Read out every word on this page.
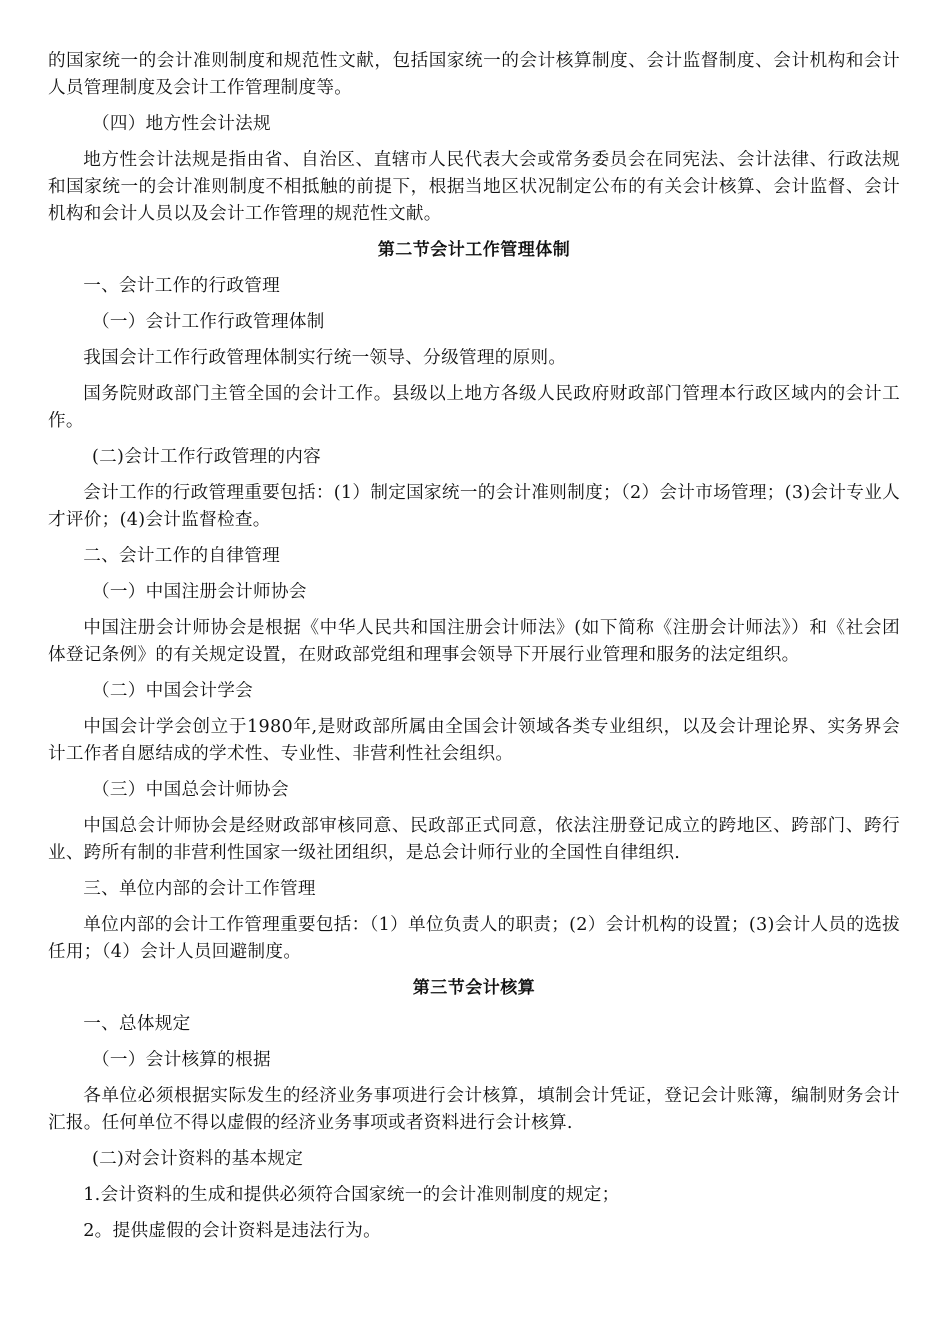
的国家统一的会计准则制度和规范性文献，包括国家统一的会计核算制度、会计监督制度、会计机构和会计人员管理制度及会计工作管理制度等。

（四）地方性会计法规

地方性会计法规是指由省、自治区、直辖市人民代表大会或常务委员会在同宪法、会计法律、行政法规和国家统一的会计准则制度不相抵触的前提下，根据当地区状况制定公布的有关会计核算、会计监督、会计机构和会计人员以及会计工作管理的规范性文献。

第二节会计工作管理体制

一、会计工作的行政管理

（一）会计工作行政管理体制

我国会计工作行政管理体制实行统一领导、分级管理的原则。

国务院财政部门主管全国的会计工作。县级以上地方各级人民政府财政部门管理本行政区域内的会计工作。

(二)会计工作行政管理的内容

会计工作的行政管理重要包括：(1）制定国家统一的会计准则制度；（2）会计市场管理；(3)会计专业人才评价；(4)会计监督检查。

二、会计工作的自律管理

（一）中国注册会计师协会

中国注册会计师协会是根据《中华人民共和国注册会计师法》(如下简称《注册会计师法》）和《社会团体登记条例》的有关规定设置，在财政部党组和理事会领导下开展行业管理和服务的法定组织。

（二）中国会计学会

中国会计学会创立于1980年,是财政部所属由全国会计领域各类专业组织，以及会计理论界、实务界会计工作者自愿结成的学术性、专业性、非营利性社会组织。

（三）中国总会计师协会

中国总会计师协会是经财政部审核同意、民政部正式同意，依法注册登记成立的跨地区、跨部门、跨行业、跨所有制的非营利性国家一级社团组织，是总会计师行业的全国性自律组织.

三、单位内部的会计工作管理

单位内部的会计工作管理重要包括：（1）单位负责人的职责；(2）会计机构的设置；(3)会计人员的选拔任用；（4）会计人员回避制度。

第三节会计核算

一、总体规定

（一）会计核算的根据

各单位必须根据实际发生的经济业务事项进行会计核算，填制会计凭证，登记会计账簿，编制财务会计汇报。任何单位不得以虚假的经济业务事项或者资料进行会计核算.

(二)对会计资料的基本规定

1.会计资料的生成和提供必须符合国家统一的会计准则制度的规定；

2。提供虚假的会计资料是违法行为。
